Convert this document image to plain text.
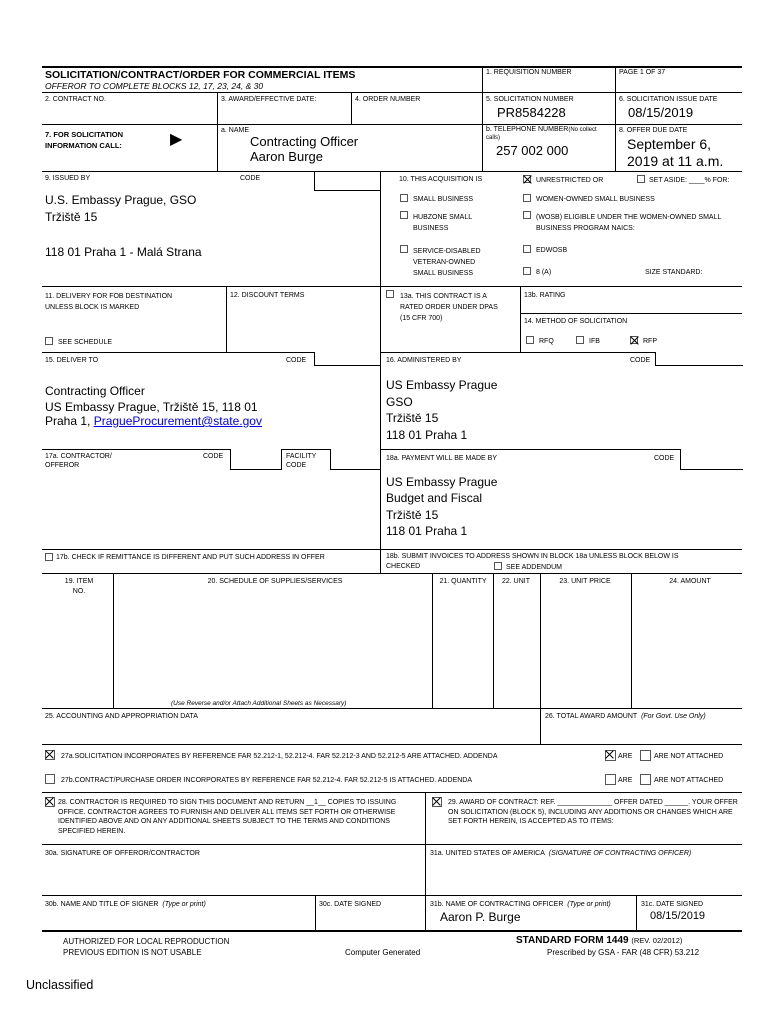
SOLICITATION/CONTRACT/ORDER FOR COMMERCIAL ITEMS
OFFEROR TO COMPLETE BLOCKS 12, 17, 23, 24, & 30
1. REQUISITION NUMBER	PAGE 1 OF 37
2. CONTRACT NO.	3. AWARD/EFFECTIVE DATE:	4. ORDER NUMBER	5. SOLICITATION NUMBER
PR8584228
6. SOLICITATION ISSUE DATE
08/15/2019
7. FOR SOLICITATION INFORMATION CALL:	▶
a. NAME
Contracting Officer
Aaron Burge
b. TELEPHONE NUMBER(No collect calls)
257 002 000
8. OFFER DUE DATE
September 6, 2019 at 11 a.m.
9. ISSUED BY	CODE
U.S. Embassy Prague, GSO
Tržiště 15
118 01 Praha 1 - Malá Strana
10. THIS ACQUISITION IS	UNRESTRICTED OR	SET ASIDE: ____% FOR:
SMALL BUSINESS	WOMEN-OWNED SMALL BUSINESS
HUBZONE SMALL BUSINESS
(WOSB) ELIGIBLE UNDER THE WOMEN-OWNED SMALL BUSINESS PROGRAM NAICS:
SERVICE-DISABLED VETERAN-OWNED SMALL BUSINESS
EDWOSB
8 (A)	SIZE STANDARD:
11. DELIVERY FOR FOB DESTINATION UNLESS BLOCK IS MARKED
SEE SCHEDULE
12. DISCOUNT TERMS	13a. THIS CONTRACT IS A RATED ORDER UNDER DPAS (15 CFR 700)
13b. RATING
14. METHOD OF SOLICITATION
RFQ	IFB	RFP
15. DELIVER TO	CODE
Contracting Officer
US Embassy Prague, Tržiště 15, 118 01
Praha 1, PragueProcurement@state.gov
16. ADMINISTERED BY	CODE
US Embassy Prague
GSO
Tržiště 15
118 01 Praha 1
17a. CONTRACTOR/ OFFEROR
CODE	FACILITY CODE
18a. PAYMENT WILL BE MADE BY	CODE
US Embassy Prague
Budget and Fiscal
Tržiště 15
118 01 Praha 1
17b. CHECK IF REMITTANCE IS DIFFERENT AND PUT SUCH ADDRESS IN OFFER	18b. SUBMIT INVOICES TO ADDRESS SHOWN IN BLOCK 18a UNLESS BLOCK BELOW IS CHECKED	SEE ADDENDUM
19. ITEM NO.
20. SCHEDULE OF SUPPLIES/SERVICES	21. QUANTITY	22. UNIT	23. UNIT PRICE	24. AMOUNT
(Use Reverse and/or Attach Additional Sheets as Necessary)
25. ACCOUNTING AND APPROPRIATION DATA	26. TOTAL AWARD AMOUNT (For Govt. Use Only)
27a.SOLICITATION INCORPORATES BY REFERENCE FAR 52.212-1, 52.212-4. FAR 52.212-3 AND 52.212-5 ARE ATTACHED. ADDENDA	ARE	ARE NOT ATTACHED
27b.CONTRACT/PURCHASE ORDER INCORPORATES BY REFERENCE FAR 52.212-4. FAR 52.212-5 IS ATTACHED. ADDENDA	ARE	ARE NOT ATTACHED
28. CONTRACTOR IS REQUIRED TO SIGN THIS DOCUMENT AND RETURN __1__ COPIES TO ISSUING OFFICE. CONTRACTOR AGREES TO FURNISH AND DELIVER ALL ITEMS SET FORTH OR OTHERWISE IDENTIFIED ABOVE AND ON ANY ADDITIONAL SHEETS SUBJECT TO THE TERMS AND CONDITIONS SPECIFIED HEREIN.
29. AWARD OF CONTRACT: REF. ______________ OFFER DATED ______. YOUR OFFER ON SOLICITATION (BLOCK 5), INCLUDING ANY ADDITIONS OR CHANGES WHICH ARE SET FORTH HEREIN, IS ACCEPTED AS TO ITEMS:
30a. SIGNATURE OF OFFEROR/CONTRACTOR	31a. UNITED STATES OF AMERICA (SIGNATURE OF CONTRACTING OFFICER)
30b. NAME AND TITLE OF SIGNER (Type or print)	30c. DATE SIGNED	31b. NAME OF CONTRACTING OFFICER (Type or print)
Aaron P. Burge
31c. DATE SIGNED
08/15/2019
AUTHORIZED FOR LOCAL REPRODUCTION
PREVIOUS EDITION IS NOT USABLE	Computer Generated
STANDARD FORM 1449 (REV. 02/2012)
Prescribed by GSA - FAR (48 CFR) 53.212
Unclassified
